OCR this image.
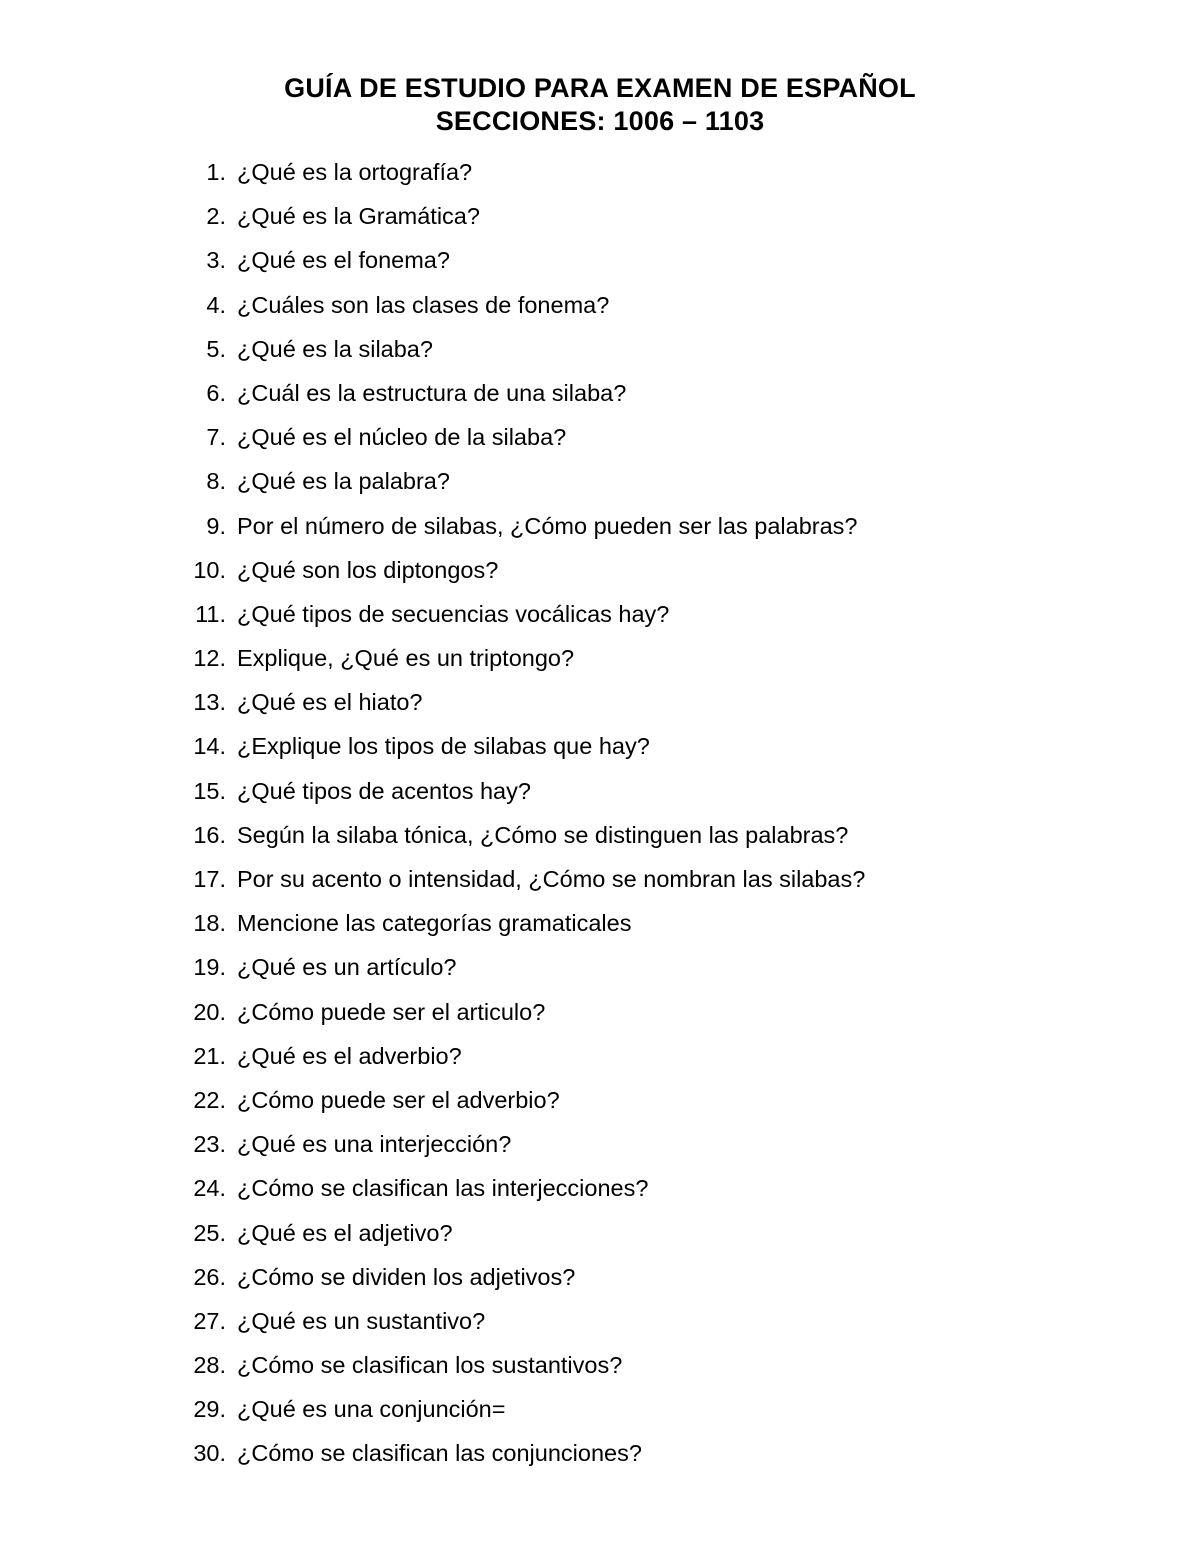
GUÍA DE ESTUDIO PARA EXAMEN DE ESPAÑOL
SECCIONES: 1006 – 1103
1. ¿Qué es la ortografía?
2. ¿Qué es la Gramática?
3. ¿Qué es el fonema?
4. ¿Cuáles son las clases de fonema?
5. ¿Qué es la silaba?
6. ¿Cuál es la estructura de una silaba?
7. ¿Qué es el núcleo de la silaba?
8. ¿Qué es la palabra?
9. Por el número de silabas, ¿Cómo pueden ser las palabras?
10. ¿Qué son los diptongos?
11. ¿Qué tipos de secuencias vocálicas hay?
12. Explique, ¿Qué es un triptongo?
13. ¿Qué es el hiato?
14. ¿Explique los tipos de silabas que hay?
15. ¿Qué tipos de acentos hay?
16. Según la silaba tónica, ¿Cómo se distinguen las palabras?
17. Por su acento o intensidad, ¿Cómo se nombran las silabas?
18. Mencione las categorías gramaticales
19. ¿Qué es un artículo?
20. ¿Cómo puede ser el articulo?
21. ¿Qué es el adverbio?
22. ¿Cómo puede ser el adverbio?
23. ¿Qué es una interjección?
24. ¿Cómo se clasifican las interjecciones?
25. ¿Qué es el adjetivo?
26. ¿Cómo se dividen los adjetivos?
27. ¿Qué es un sustantivo?
28. ¿Cómo se clasifican los sustantivos?
29. ¿Qué es una conjunción=
30. ¿Cómo se clasifican las conjunciones?
